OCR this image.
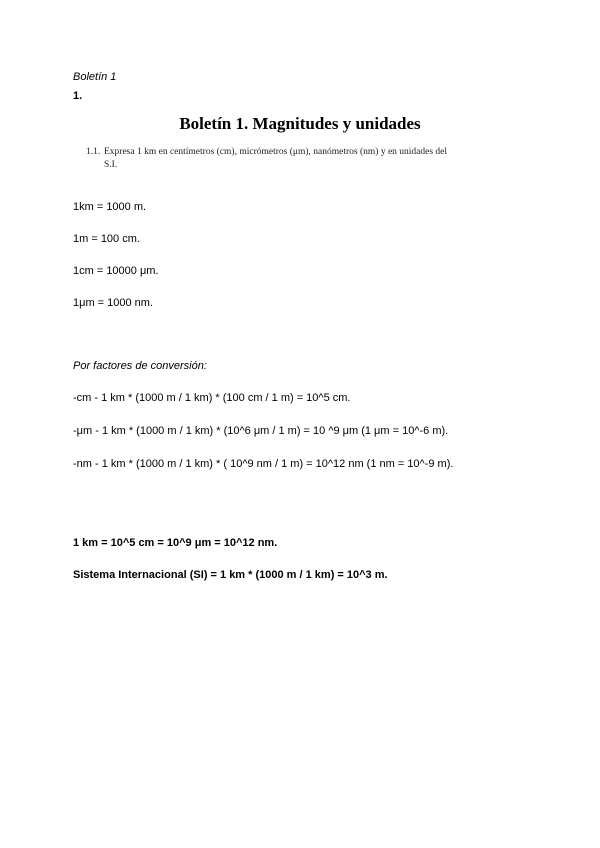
Boletín 1
1.
Boletín 1. Magnitudes y unidades
1.1. Expresa 1 km en centímetros (cm), micrómetros (μm), nanómetros (nm) y en unidades del
S.I.
1km = 1000 m.
1m = 100 cm.
1cm = 10000 μm.
1μm = 1000 nm.
Por factores de conversión:
-cm - 1 km * (1000 m / 1 km) * (100 cm / 1 m) = 10^5 cm.
-μm - 1 km * (1000 m / 1 km) * (10^6 μm / 1 m) = 10 ^9 μm (1 μm = 10^-6 m).
-nm - 1 km * (1000 m / 1 km) * ( 10^9 nm / 1 m) = 10^12 nm (1 nm = 10^-9 m).
1 km = 10^5 cm = 10^9 μm = 10^12 nm.
Sistema Internacional (SI) = 1 km * (1000 m / 1 km) = 10^3 m.
